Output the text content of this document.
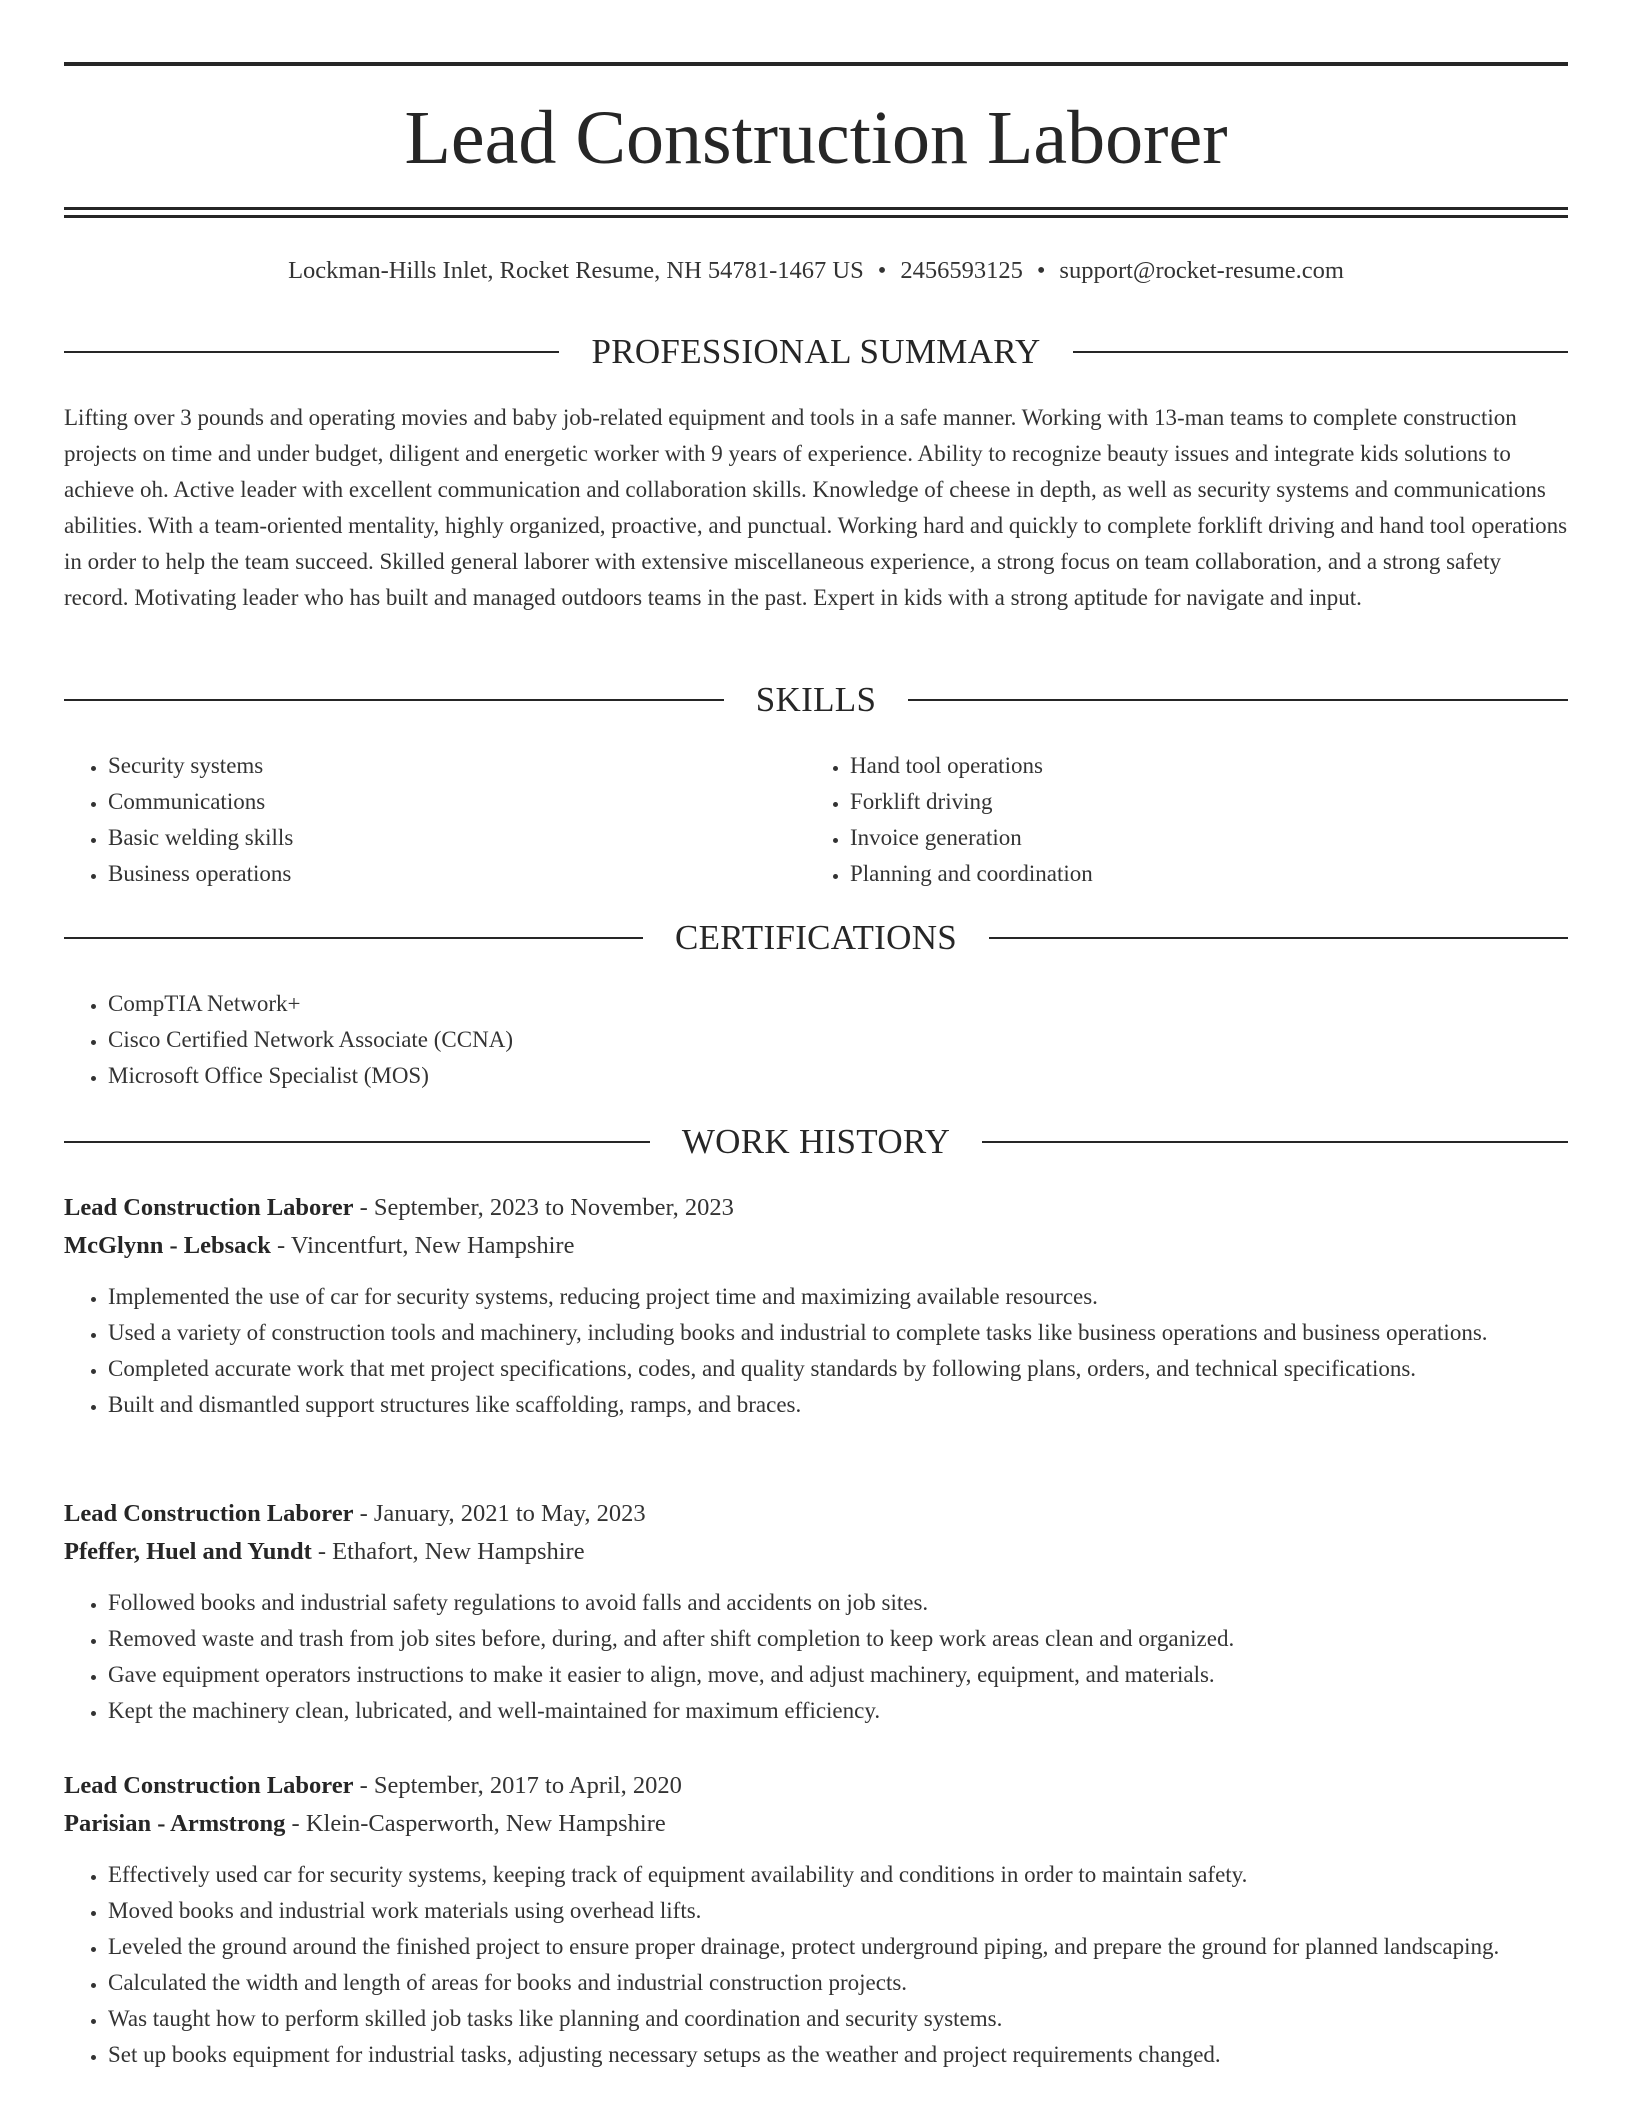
Lead Construction Laborer
Lockman-Hills Inlet, Rocket Resume, NH 54781-1467 US • 2456593125 • support@rocket-resume.com
PROFESSIONAL SUMMARY

Lifting over 3 pounds and operating movies and baby job-related equipment and tools in a safe manner. Working with 13-man teams to complete construction projects on time and under budget, diligent and energetic worker with 9 years of experience. Ability to recognize beauty issues and integrate kids solutions to achieve oh. Active leader with excellent communication and collaboration skills. Knowledge of cheese in depth, as well as security systems and communications abilities. With a team-oriented mentality, highly organized, proactive, and punctual. Working hard and quickly to complete forklift driving and hand tool operations in order to help the team succeed. Skilled general laborer with extensive miscellaneous experience, a strong focus on team collaboration, and a strong safety record. Motivating leader who has built and managed outdoors teams in the past. Expert in kids with a strong aptitude for navigate and input.

SKILLS
• Security systems
• Communications
• Basic welding skills
• Business operations
• Hand tool operations
• Forklift driving
• Invoice generation
• Planning and coordination
CERTIFICATIONS
• CompTIA Network+
• Cisco Certified Network Associate (CCNA)
• Microsoft Office Specialist (MOS)
WORK HISTORY

Lead Construction Laborer - September, 2023 to November, 2023

McGlynn - Lebsack - Vincentfurt, New Hampshire

• Implemented the use of car for security systems, reducing project time and maximizing available resources.
• Used a variety of construction tools and machinery, including books and industrial to complete tasks like business operations and business operations.
• Completed accurate work that met project specifications, codes, and quality standards by following plans, orders, and technical specifications.
• Built and dismantled support structures like scaffolding, ramps, and braces.

Lead Construction Laborer - January, 2021 to May, 2023

Pfeffer, Huel and Yundt - Ethafort, New Hampshire

• Followed books and industrial safety regulations to avoid falls and accidents on job sites.
• Removed waste and trash from job sites before, during, and after shift completion to keep work areas clean and organized.
• Gave equipment operators instructions to make it easier to align, move, and adjust machinery, equipment, and materials.
• Kept the machinery clean, lubricated, and well-maintained for maximum efficiency.

Lead Construction Laborer - September, 2017 to April, 2020

Parisian - Armstrong - Klein-Casperworth, New Hampshire

• Effectively used car for security systems, keeping track of equipment availability and conditions in order to maintain safety.
• Moved books and industrial work materials using overhead lifts.
• Leveled the ground around the finished project to ensure proper drainage, protect underground piping, and prepare the ground for planned landscaping.
• Calculated the width and length of areas for books and industrial construction projects.
• Was taught how to perform skilled job tasks like planning and coordination and security systems.
• Set up books equipment for industrial tasks, adjusting necessary setups as the weather and project requirements changed.
